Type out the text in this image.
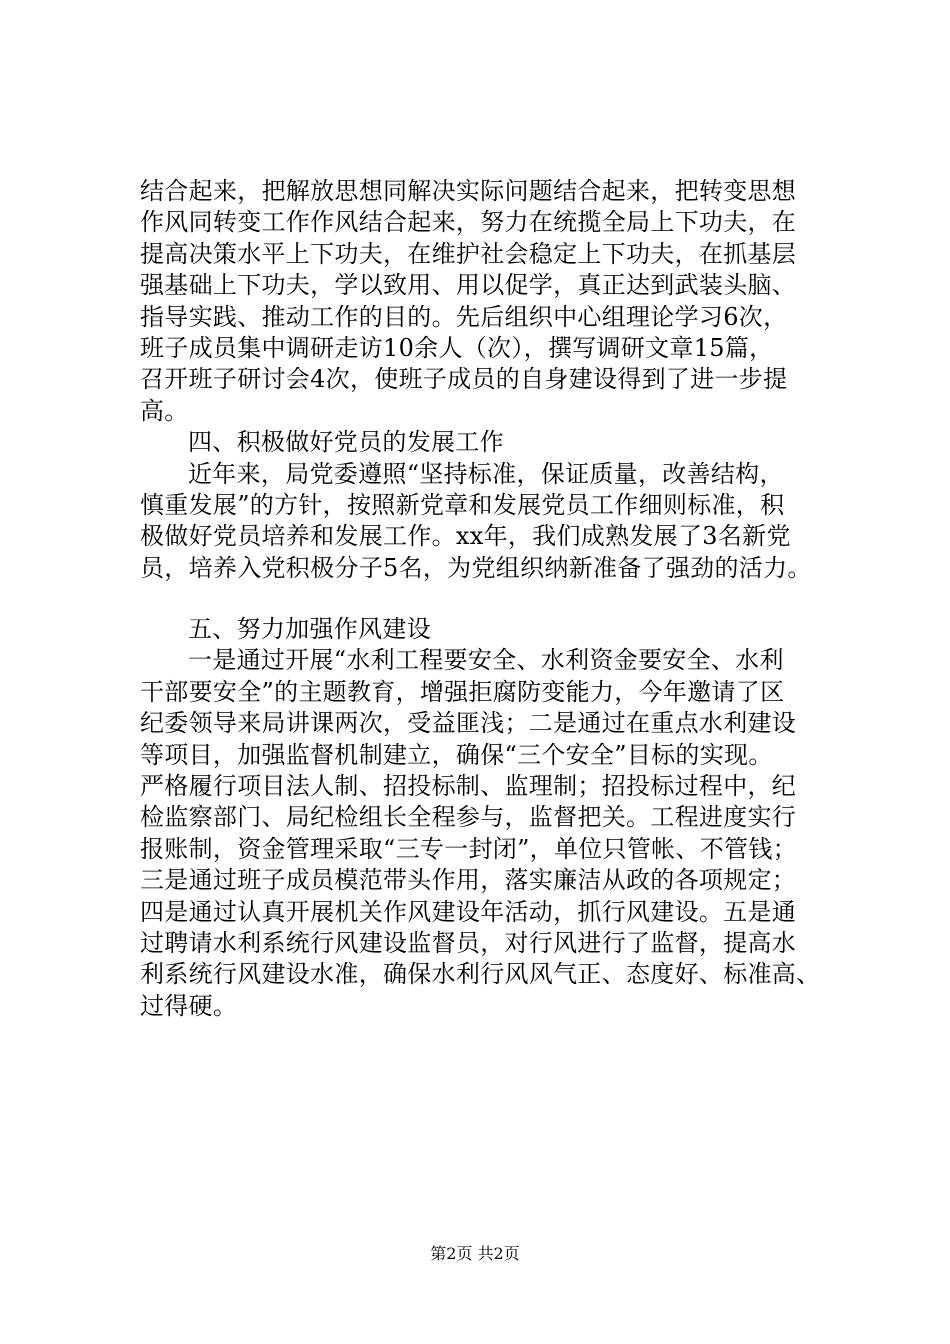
结合起来，把解放思想同解决实际问题结合起来，把转变思想
作风同转变工作作风结合起来，努力在统揽全局上下功夫，在
提高决策水平上下功夫，在维护社会稳定上下功夫，在抓基层
强基础上下功夫，学以致用、用以促学，真正达到武装头脑、
指导实践、推动工作的目的。先后组织中心组理论学习6次，
班子成员集中调研走访10余人（次），撰写调研文章15篇，
召开班子研讨会4次，使班子成员的自身建设得到了进一步提
高。
四、积极做好党员的发展工作
近年来，局党委遵照“坚持标准，保证质量，改善结构，
慎重发展”的方针，按照新党章和发展党员工作细则标准，积
极做好党员培养和发展工作。xx年，我们成熟发展了3名新党
员，培养入党积极分子5名，为党组织纳新准备了强劲的活力。
五、努力加强作风建设
一是通过开展“水利工程要安全、水利资金要安全、水利
干部要安全”的主题教育，增强拒腐防变能力，今年邀请了区
纪委领导来局讲课两次，受益匪浅；二是通过在重点水利建设
等项目，加强监督机制建立，确保“三个安全”目标的实现。
严格履行项目法人制、招投标制、监理制；招投标过程中，纪
检监察部门、局纪检组长全程参与，监督把关。工程进度实行
报账制，资金管理采取“三专一封闭”，单位只管帐、不管钱；
三是通过班子成员模范带头作用，落实廉洁从政的各项规定；
四是通过认真开展机关作风建设年活动，抓行风建设。五是通
过聘请水利系统行风建设监督员，对行风进行了监督，提高水
利系统行风建设水准，确保水利行风风气正、态度好、标准高、
过得硬。
第2页 共2页
